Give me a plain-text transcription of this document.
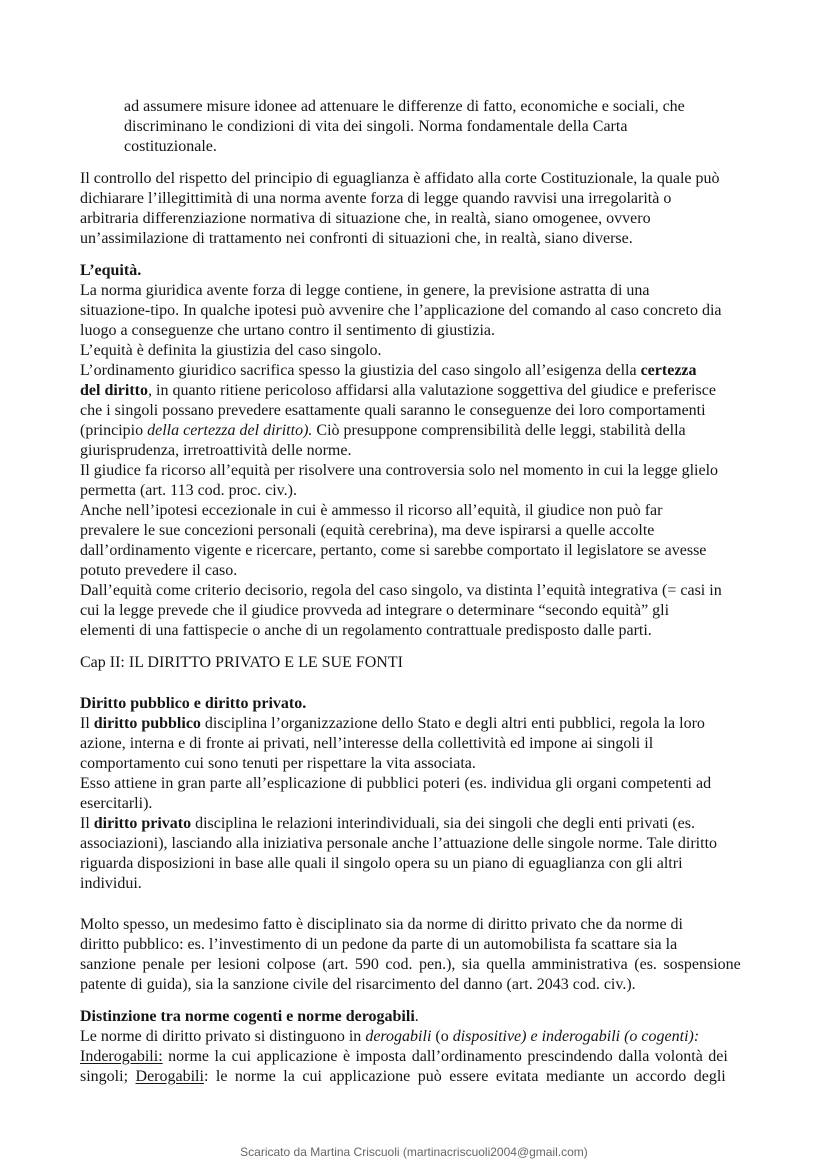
ad assumere misure idonee ad attenuare le differenze di fatto, economiche e sociali, che
discriminano le condizioni di vita dei singoli. Norma fondamentale della Carta
costituzionale.
Il controllo del rispetto del principio di eguaglianza è affidato alla corte Costituzionale, la quale può
dichiarare l’illegittimità di una norma avente forza di legge quando ravvisi una irregolarità o
arbitraria differenziazione normativa di situazione che, in realtà, siano omogenee, ovvero
un’assimilazione di trattamento nei confronti di situazioni che, in realtà, siano diverse.
L’equità.
La norma giuridica avente forza di legge contiene, in genere, la previsione astratta di una
situazione-tipo. In qualche ipotesi può avvenire che l’applicazione del comando al caso concreto dia
luogo a conseguenze che urtano contro il sentimento di giustizia.
L’equità è definita la giustizia del caso singolo.
L’ordinamento giuridico sacrifica spesso la giustizia del caso singolo all’esigenza della certezza
del diritto, in quanto ritiene pericoloso affidarsi alla valutazione soggettiva del giudice e preferisce
che i singoli possano prevedere esattamente quali saranno le conseguenze dei loro comportamenti
(principio della certezza del diritto). Ciò presuppone comprensibilità delle leggi, stabilità della
giurisprudenza, irretroattività delle norme.
Il giudice fa ricorso all’equità per risolvere una controversia solo nel momento in cui la legge glielo
permetta (art. 113 cod. proc. civ.).
Anche nell’ipotesi eccezionale in cui è ammesso il ricorso all’equità, il giudice non può far
prevalere le sue concezioni personali (equità cerebrina), ma deve ispirarsi a quelle accolte
dall’ordinamento vigente e ricercare, pertanto, come si sarebbe comportato il legislatore se avesse
potuto prevedere il caso.
Dall’equità come criterio decisorio, regola del caso singolo, va distinta l’equità integrativa (= casi in
cui la legge prevede che il giudice provveda ad integrare o determinare “secondo equità” gli
elementi di una fattispecie o anche di un regolamento contrattuale predisposto dalle parti.
Cap II: IL DIRITTO PRIVATO E LE SUE FONTI
Diritto pubblico e diritto privato.
Il diritto pubblico disciplina l’organizzazione dello Stato e degli altri enti pubblici, regola la loro
azione, interna e di fronte ai privati, nell’interesse della collettività ed impone ai singoli il
comportamento cui sono tenuti per rispettare la vita associata.
Esso attiene in gran parte all’esplicazione di pubblici poteri (es. individua gli organi competenti ad
esercitarli).
Il diritto privato disciplina le relazioni interindividuali, sia dei singoli che degli enti privati (es.
associazioni), lasciando alla iniziativa personale anche l’attuazione delle singole norme. Tale diritto
riguarda disposizioni in base alle quali il singolo opera su un piano di eguaglianza con gli altri
individui.
Molto spesso, un medesimo fatto è disciplinato sia da norme di diritto privato che da norme di
diritto pubblico: es. l’investimento di un pedone da parte di un automobilista fa scattare sia la
sanzione penale per lesioni colpose (art. 590 cod. pen.), sia quella amministrativa (es. sospensione
patente di guida), sia la sanzione civile del risarcimento del danno (art. 2043 cod. civ.).
Distinzione tra norme cogenti e norme derogabili.
Le norme di diritto privato si distinguono in derogabili (o dispositive) e inderogabili (o cogenti):
Inderogabili: norme la cui applicazione è imposta dall’ordinamento prescindendo dalla volontà dei
singoli; Derogabili: le norme la cui applicazione può essere evitata mediante un accordo degli
Scaricato da Martina Criscuoli (martinacriscuoli2004@gmail.com)
